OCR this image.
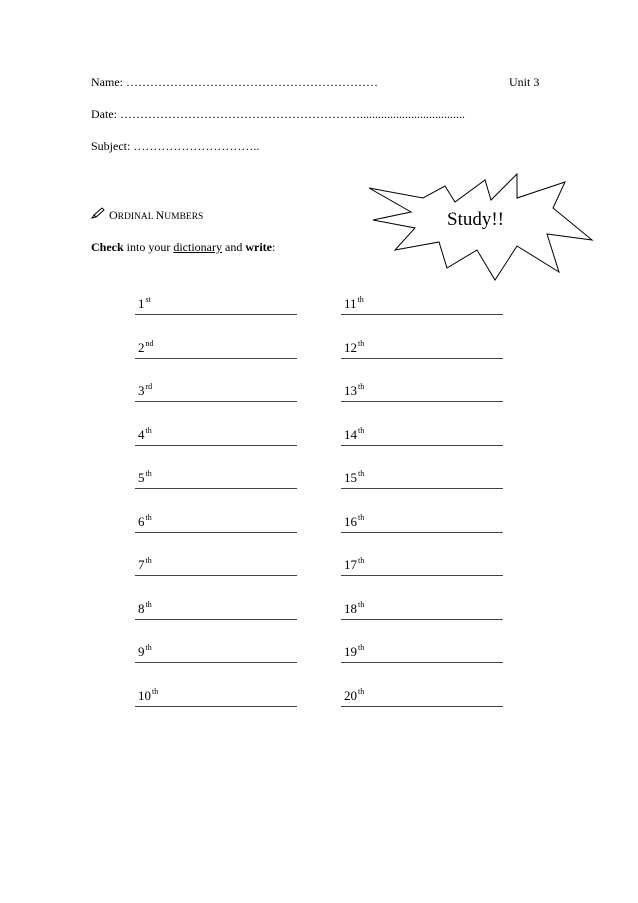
Name: ………………………………………………………	Unit 3
Date: ……………………………………………………...................................
Subject: …………………………..
ORDINAL NUMBERS
Check into your dictionary and write:
Study!!
1st
2nd
3rd
4th
5th
6th
7th
8th
9th
10th
11th
12th
13th
14th
15th
16th
17th
18th
19th
20th
